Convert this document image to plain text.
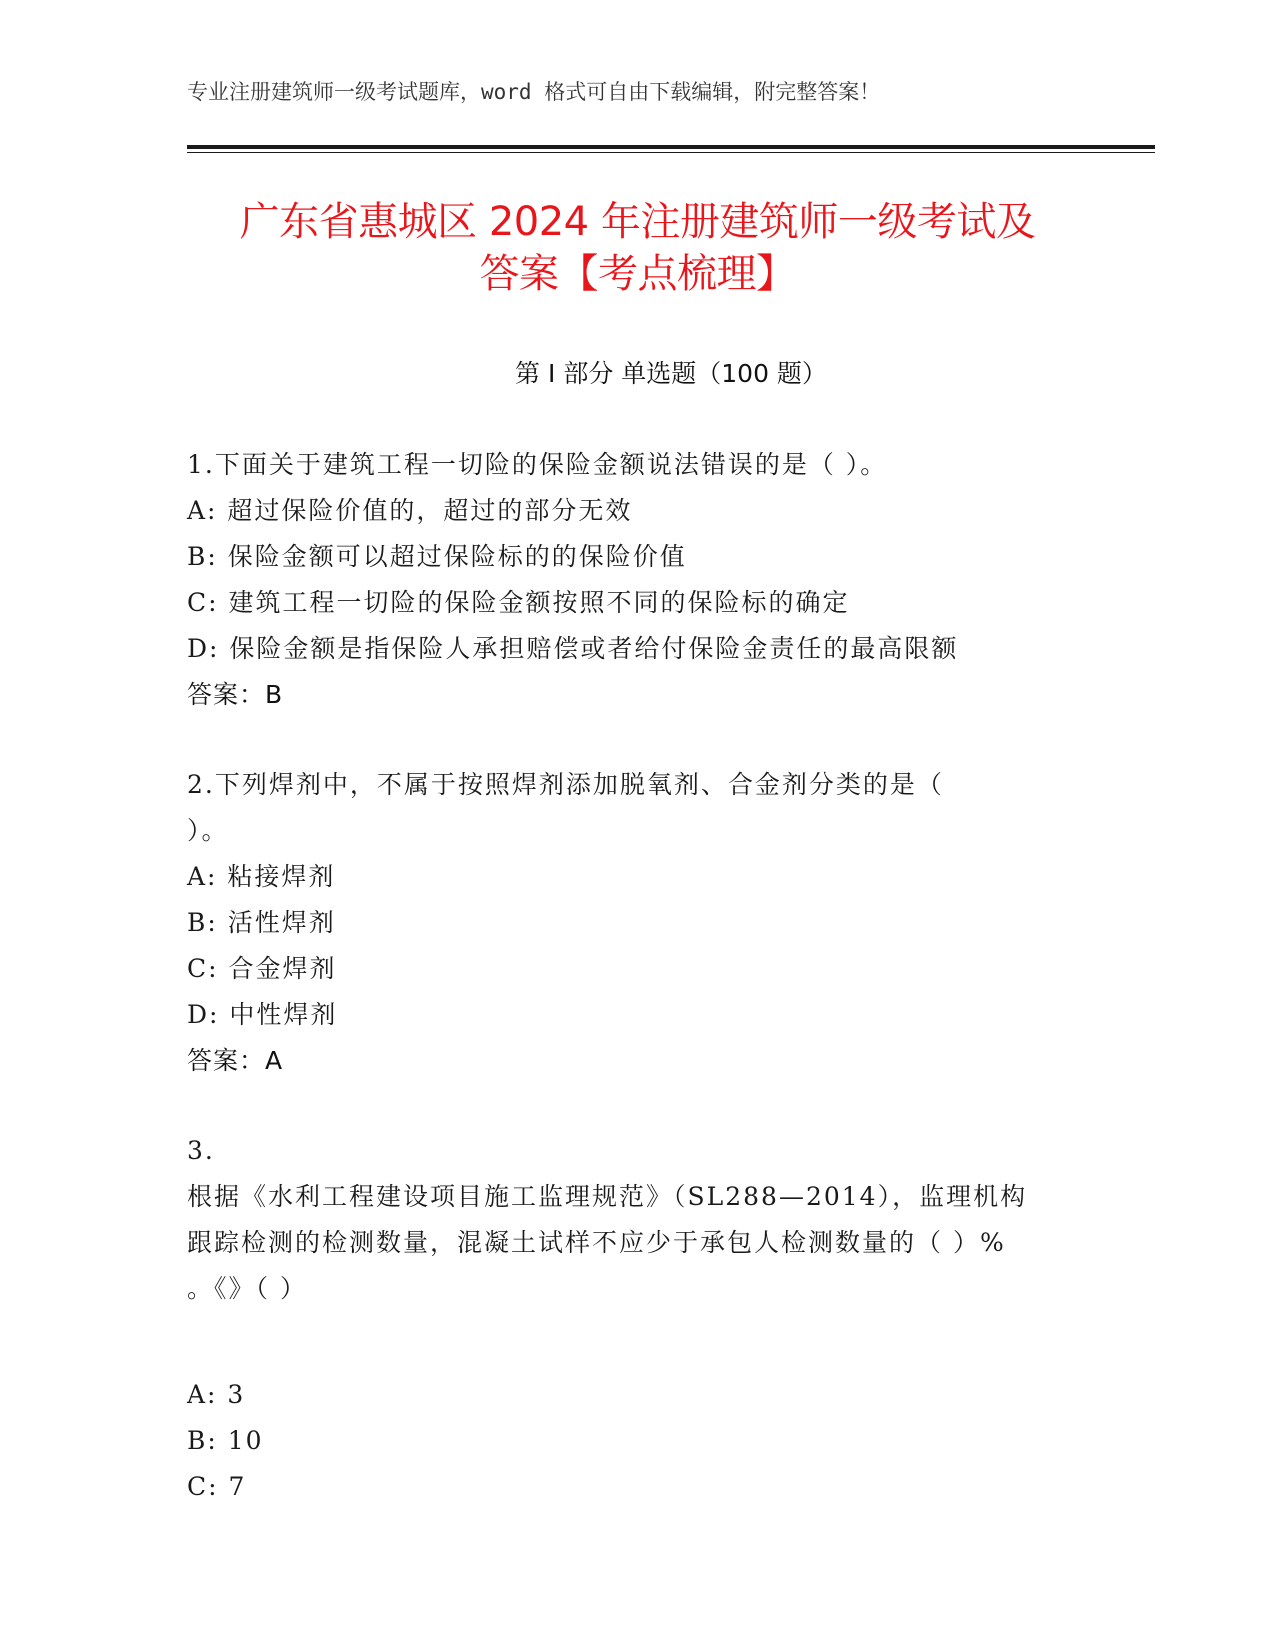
专业注册建筑师一级考试题库，word 格式可自由下载编辑，附完整答案！
广东省惠城区 2024 年注册建筑师一级考试及
答案【考点梳理】
第 I 部分 单选题（100 题）
1.下面关于建筑工程一切险的保险金额说法错误的是（ ）。
A: 超过保险价值的，超过的部分无效
B: 保险金额可以超过保险标的的保险价值
C: 建筑工程一切险的保险金额按照不同的保险标的确定
D: 保险金额是指保险人承担赔偿或者给付保险金责任的最高限额
答案：B
2.下列焊剂中，不属于按照焊剂添加脱氧剂、合金剂分类的是（
）。
A: 粘接焊剂
B: 活性焊剂
C: 合金焊剂
D: 中性焊剂
答案：A
3.
根据《水利工程建设项目施工监理规范》（SL288—2014），监理机构
跟踪检测的检测数量，混凝土试样不应少于承包人检测数量的（ ）%
。《》（ ）
A: 3
B: 10
C: 7
